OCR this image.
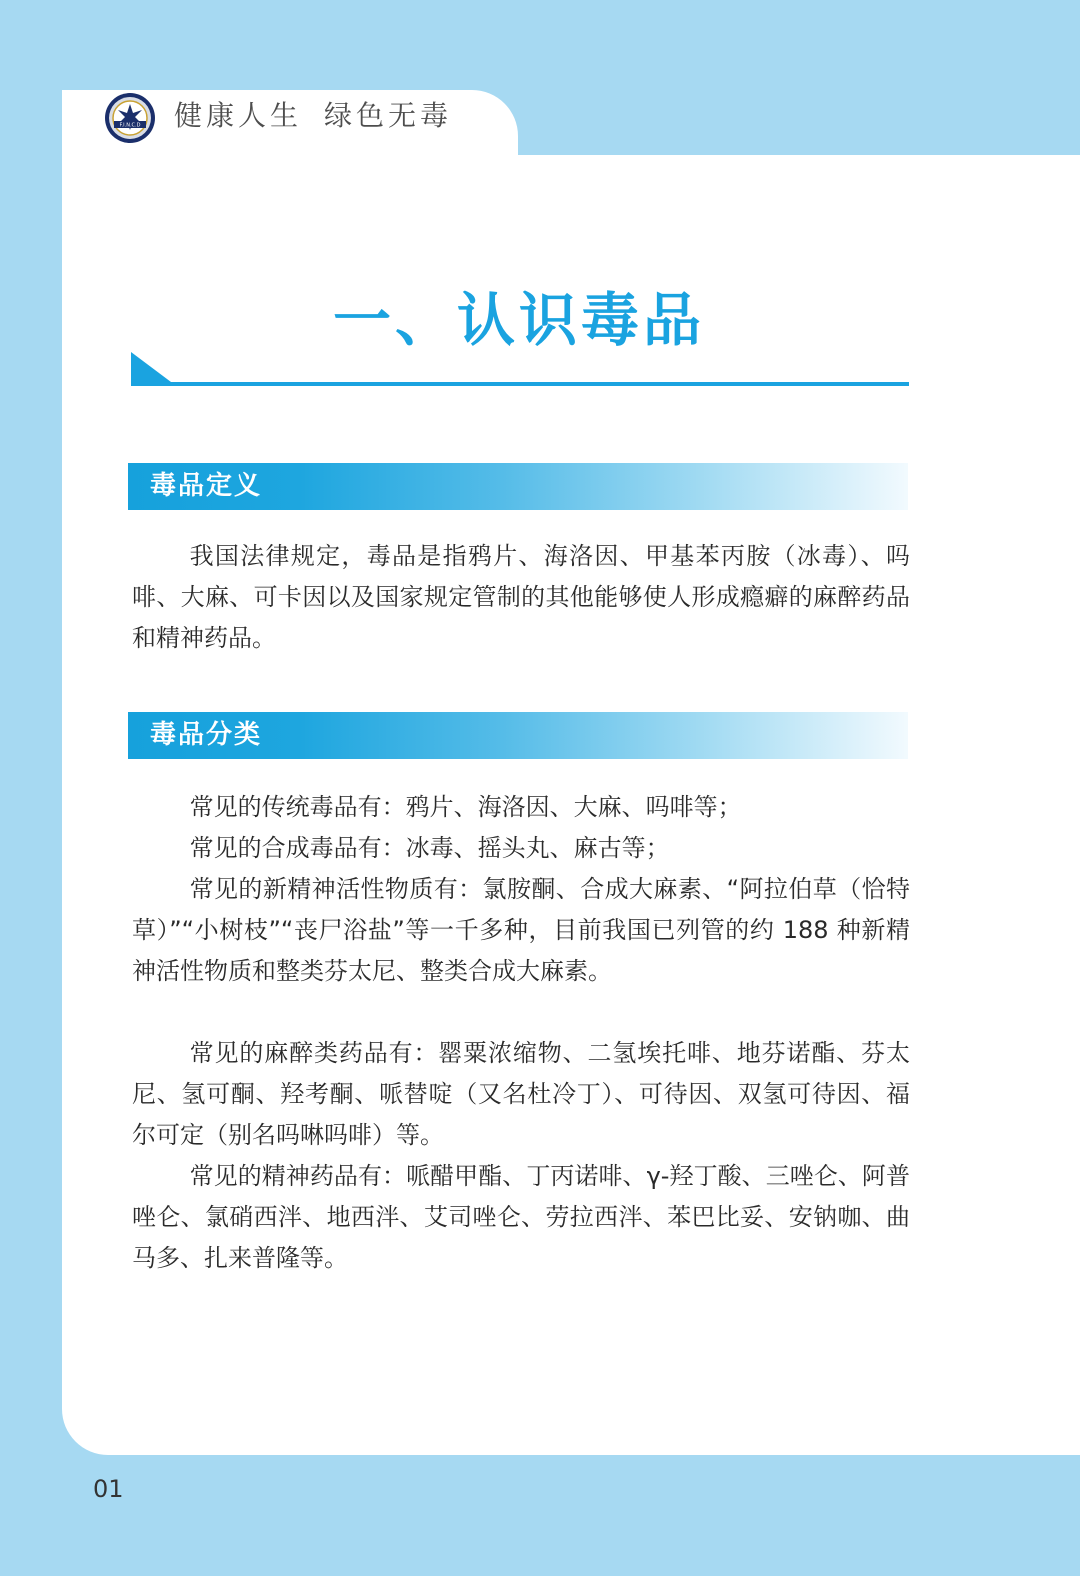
F.I.N.C.D 健康人生 绿色无毒
一、认识毒品
毒品定义

我国法律规定，毒品是指鸦片、海洛因、甲基苯丙胺（冰毒）、吗啡、大麻、可卡因以及国家规定管制的其他能够使人形成瘾癖的麻醉药品和精神药品。

毒品分类

常见的传统毒品有：鸦片、海洛因、大麻、吗啡等；

常见的合成毒品有：冰毒、摇头丸、麻古等；

常见的新精神活性物质有：氯胺酮、合成大麻素、“阿拉伯草（恰特草）”“小树枝”“丧尸浴盐”等一千多种，目前我国已列管的约 188 种新精神活性物质和整类芬太尼、整类合成大麻素。

常见的麻醉类药品有：罂粟浓缩物、二氢埃托啡、地芬诺酯、芬太尼、氢可酮、羟考酮、哌替啶（又名杜冷丁）、可待因、双氢可待因、福尔可定（别名吗啉吗啡）等。

常见的精神药品有：哌醋甲酯、丁丙诺啡、γ-羟丁酸、三唑仑、阿普唑仑、氯硝西泮、地西泮、艾司唑仑、劳拉西泮、苯巴比妥、安钠咖、曲马多、扎来普隆等。

01
